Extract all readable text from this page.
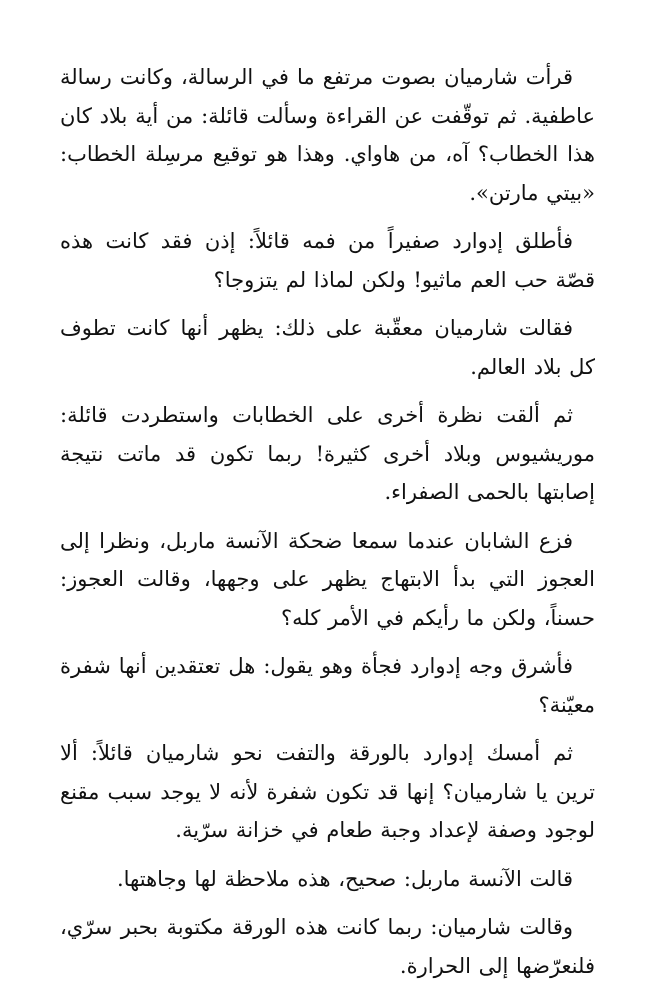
قرأت شارميان بصوت مرتفع ما في الرسالة، وكانت رسالة عاطفية. ثم توقّفت عن القراءة وسألت قائلة: من أية بلاد كان هذا الخطاب؟ آه، من هاواي. وهذا هو توقيع مرسِلة الخطاب: «بيتي مارتن».

فأطلق إدوارد صفيراً من فمه قائلاً: إذن فقد كانت هذه قصّة حب العم ماثيو! ولكن لماذا لم يتزوجا؟

فقالت شارميان معقّبة على ذلك: يظهر أنها كانت تطوف كل بلاد العالم.

ثم ألقت نظرة أخرى على الخطابات واستطردت قائلة: موريشيوس وبلاد أخرى كثيرة! ربما تكون قد ماتت نتيجة إصابتها بالحمى الصفراء.

فزع الشابان عندما سمعا ضحكة الآنسة ماربل، ونظرا إلى العجوز التي بدأ الابتهاج يظهر على وجهها، وقالت العجوز: حسناً، ولكن ما رأيكم في الأمر كله؟

فأشرق وجه إدوارد فجأة وهو يقول: هل تعتقدين أنها شفرة معيّنة؟

ثم أمسك إدوارد بالورقة والتفت نحو شارميان قائلاً: ألا ترين يا شارميان؟ إنها قد تكون شفرة لأنه لا يوجد سبب مقنع لوجود وصفة لإعداد وجبة طعام في خزانة سرّية.

قالت الآنسة ماربل: صحيح، هذه ملاحظة لها وجاهتها.

وقالت شارميان: ربما كانت هذه الورقة مكتوبة بحبر سرّي، فلنعرّضها إلى الحرارة.
